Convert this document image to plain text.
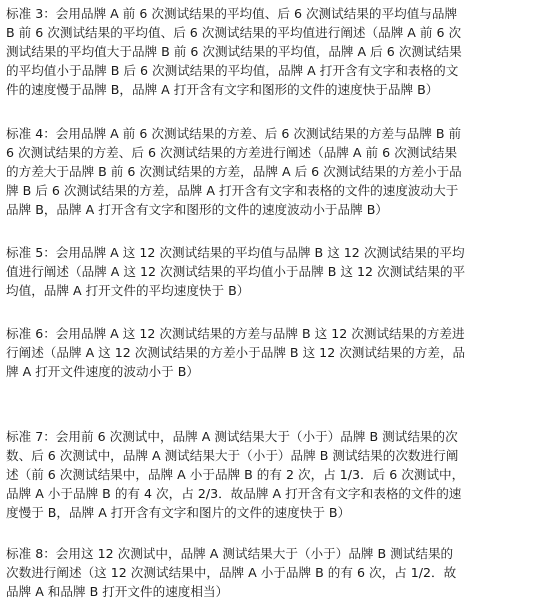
标准 3：会用品牌 A 前 6 次测试结果的平均值、后 6 次测试结果的平均值与品牌
B 前 6 次测试结果的平均值、后 6 次测试结果的平均值进行阐述（品牌 A 前 6 次
测试结果的平均值大于品牌 B 前 6 次测试结果的平均值，品牌 A 后 6 次测试结果
的平均值小于品牌 B 后 6 次测试结果的平均值，品牌 A 打开含有文字和表格的文
件的速度慢于品牌 B，品牌 A 打开含有文字和图形的文件的速度快于品牌 B）
标准 4：会用品牌 A 前 6 次测试结果的方差、后 6 次测试结果的方差与品牌 B 前
6 次测试结果的方差、后 6 次测试结果的方差进行阐述（品牌 A 前 6 次测试结果
的方差大于品牌 B 前 6 次测试结果的方差，品牌 A 后 6 次测试结果的方差小于品
牌 B 后 6 次测试结果的方差，品牌 A 打开含有文字和表格的文件的速度波动大于
品牌 B，品牌 A 打开含有文字和图形的文件的速度波动小于品牌 B）
标准 5：会用品牌 A 这 12 次测试结果的平均值与品牌 B 这 12 次测试结果的平均
值进行阐述（品牌 A 这 12 次测试结果的平均值小于品牌 B 这 12 次测试结果的平
均值，品牌 A 打开文件的平均速度快于 B）
标准 6：会用品牌 A 这 12 次测试结果的方差与品牌 B 这 12 次测试结果的方差进
行阐述（品牌 A 这 12 次测试结果的方差小于品牌 B 这 12 次测试结果的方差，品
牌 A 打开文件速度的波动小于 B）
标准 7：会用前 6 次测试中，品牌 A 测试结果大于（小于）品牌 B 测试结果的次
数、后 6 次测试中，品牌 A 测试结果大于（小于）品牌 B 测试结果的次数进行阐
述（前 6 次测试结果中，品牌 A 小于品牌 B 的有 2 次，占 1/3．后 6 次测试中，
品牌 A 小于品牌 B 的有 4 次，占 2/3．故品牌 A 打开含有文字和表格的文件的速
度慢于 B，品牌 A 打开含有文字和图片的文件的速度快于 B）
标准 8：会用这 12 次测试中，品牌 A 测试结果大于（小于）品牌 B 测试结果的
次数进行阐述（这 12 次测试结果中，品牌 A 小于品牌 B 的有 6 次，占 1/2．故
品牌 A 和品牌 B 打开文件的速度相当）
